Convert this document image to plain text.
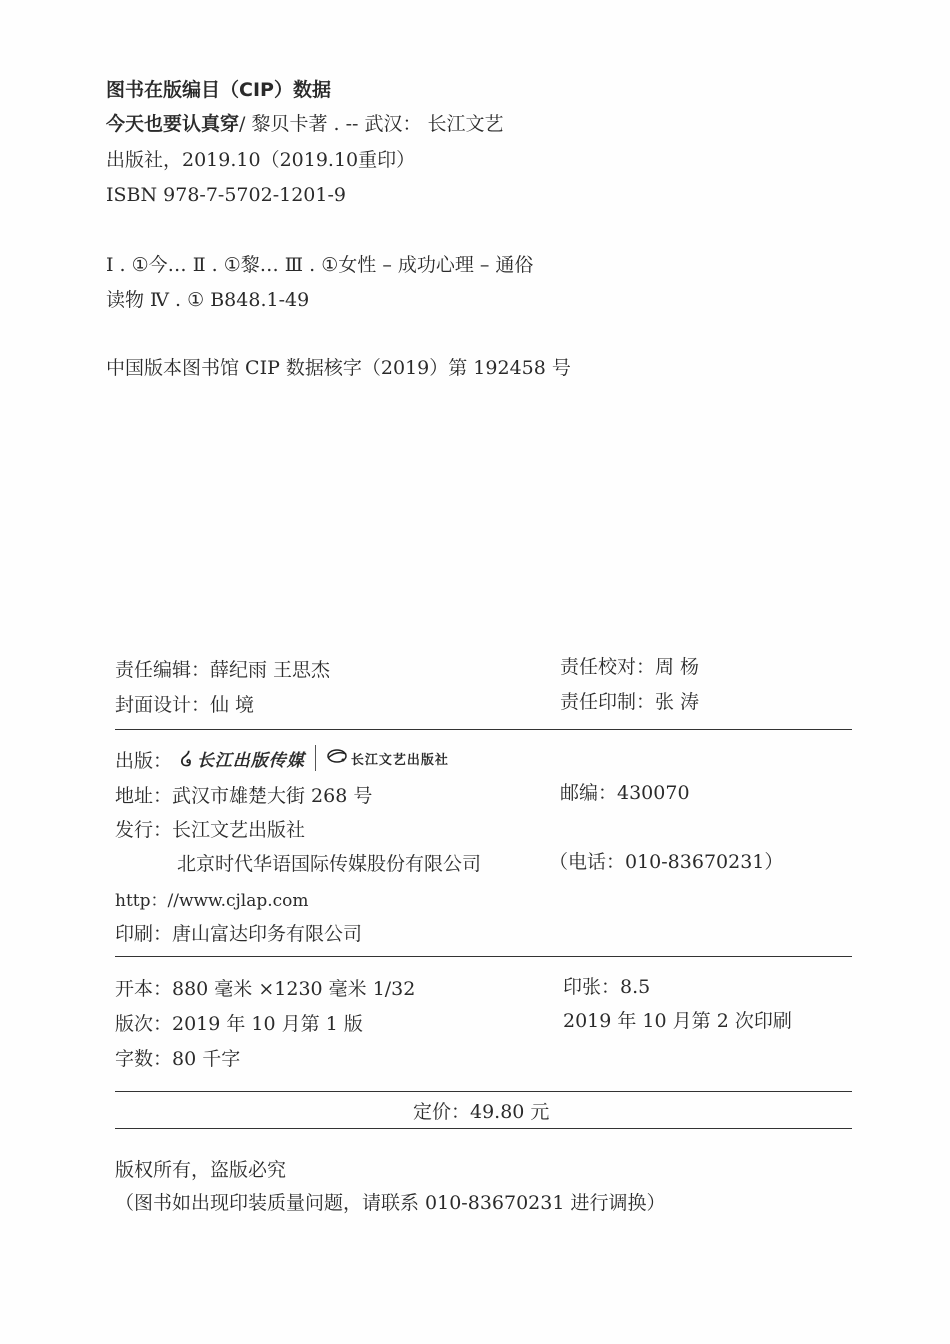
图书在版编目（CIP）数据
今天也要认真穿/ 黎贝卡著 . -- 武汉： 长江文艺
出版社，2019.10（2019.10重印）
ISBN 978-7-5702-1201-9
Ⅰ . ①今… Ⅱ . ①黎… Ⅲ . ①女性 – 成功心理 – 通俗
读物 Ⅳ . ① B848.1-49
中国版本图书馆 CIP 数据核字（2019）第 192458 号
责任编辑：薛纪雨 王思杰	责任校对：周 杨
封面设计：仙 境	责任印制：张 涛
出版： ໒ 长江出版传媒	长江文艺出版社
地址：武汉市雄楚大街 268 号	邮编：430070
发行：长江文艺出版社
北京时代华语国际传媒股份有限公司	（电话：010-83670231）
http：//www.cjlap.com
印刷：唐山富达印务有限公司
开本：880 毫米 ×1230 毫米 1/32	印张：8.5
版次：2019 年 10 月第 1 版	2019 年 10 月第 2 次印刷
字数：80 千字
定价：49.80 元
版权所有，盗版必究
（图书如出现印装质量问题，请联系 010-83670231 进行调换）
